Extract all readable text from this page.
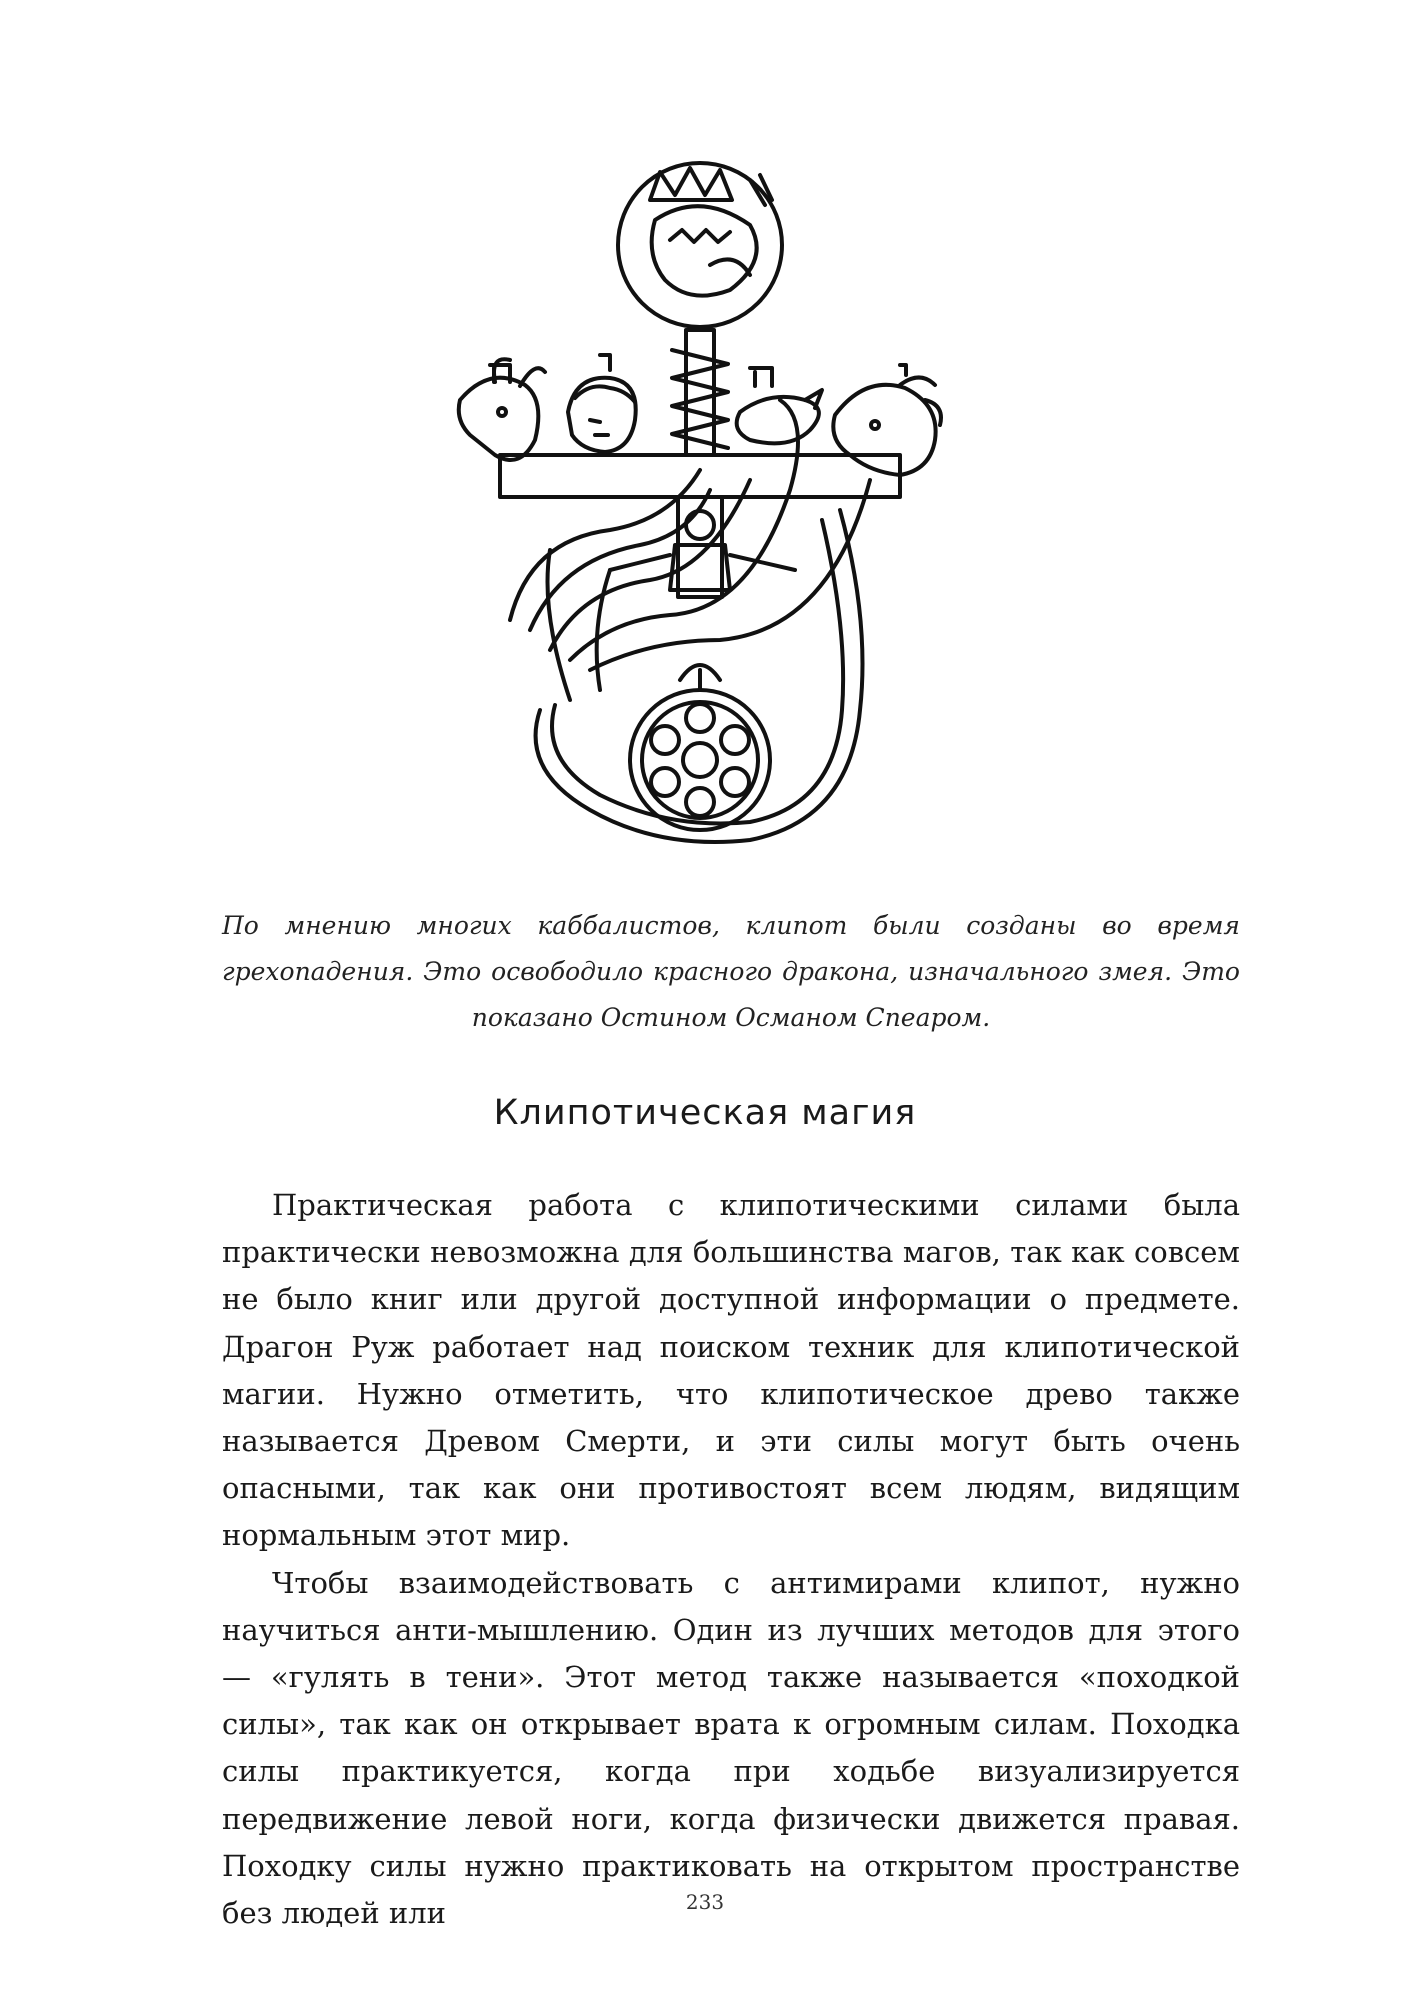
По мнению многих каббалистов, клипот были созданы во время грехопадения. Это освободило красного дракона, изначального змея. Это показано Остином Османом Спеаром.

Клипотическая магия

Практическая работа с клипотическими силами была практически невозможна для большинства магов, так как совсем не было книг или другой доступной информации о предмете. Драгон Руж работает над поиском техник для клипотической магии. Нужно отметить, что клипотическое древо также называется Древом Смерти, и эти силы могут быть очень опасными, так как они противостоят всем людям, видящим нормальным этот мир.

Чтобы взаимодействовать с антимирами клипот, нужно научиться анти-мышлению. Один из лучших методов для этого — «гулять в тени». Этот метод также называется «походкой силы», так как он открывает врата к огромным силам. Походка силы практикуется, когда при ходьбе визуализируется передвижение левой ноги, когда физически движется правая. Походку силы нужно практиковать на открытом пространстве без людей или	233
